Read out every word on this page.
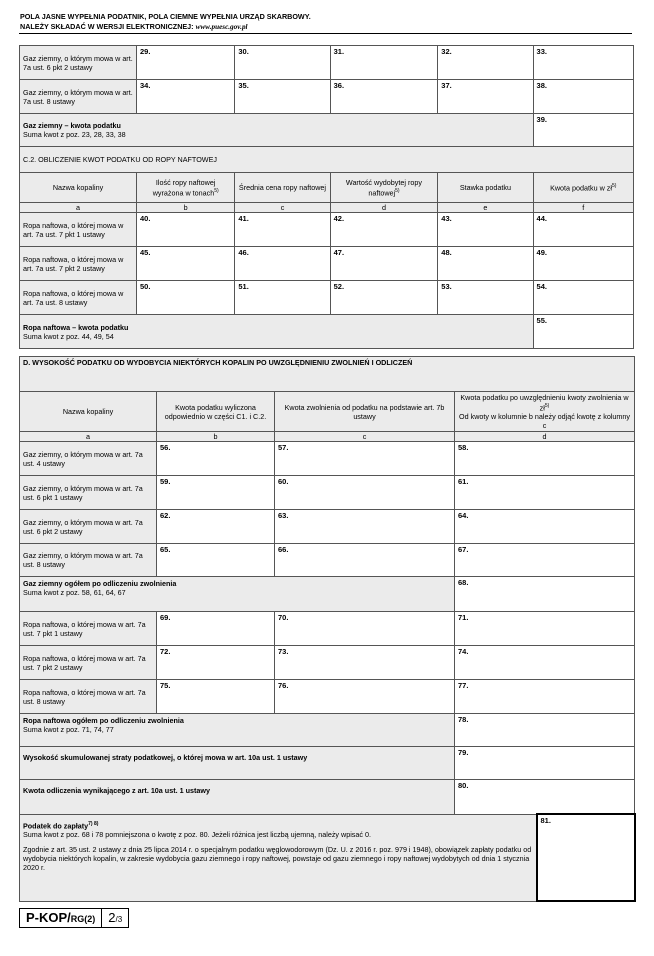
POLA JASNE WYPEŁNIA PODATNIK, POLA CIEMNE WYPEŁNIA URZĄD SKARBOWY.
NALEŻY SKŁADAĆ W WERSJI ELEKTRONICZNEJ: www.puesc.gov.pl
Gaz ziemny, o którym mowa w art. 7a ust. 6 pkt 2 ustawy	29.	30.	31.	32.	33.

Gaz ziemny, o którym mowa w art. 7a ust. 8 ustawy	34.	35.	36.	37.	38.

Gaz ziemny – kwota podatku
Suma kwot z poz. 23, 28, 33, 38					39.

C.2. OBLICZENIE KWOT PODATKU OD ROPY NAFTOWEJ					
Nazwa kopaliny	Ilość ropy naftowej wyrażona w tonach$^{5)}$	Średnia cena ropy naftowej	Wartość wydobytej ropy naftowej$^{5)}$	Stawka podatku	Kwota podatku w $zł^{5)}$
a	b	c	d	e	f
Ropa naftowa, o której mowa w art. 7a ust. 7 pkt 1 ustawy	40.	41.	42.	43.	44.

Ropa naftowa, o której mowa w art. 7a ust. 7 pkt 2 ustawy	45.	46.	47.	48.	49.

Ropa naftowa, o której mowa w art. 7a ust. 8 ustawy	50.	51.	52.	53.	54.

Ropa naftowa – kwota podatku
Suma kwot z poz. 44, 49, 54					55.
D. WYSOKOŚĆ PODATKU OD WYDOBYCIA NIEKTÓRYCH KOPALIN PO UWZGLĘDNIENIU ZWOLNIEŃ I ODLICZEŃ			
Nazwa kopaliny	Kwota podatku wyliczona odpowiednio w części C1. i C.2.	Kwota zwolnienia od podatku na podstawie art. 7b ustawy	Kwota podatku po uwzględnieniu kwoty zwolnienia w $zł^{5)}$
Od kwoty w kolumnie b należy odjąć kwotę z kolumny c

a	b	c	d
Gaz ziemny, o którym mowa w art. 7a ust. 4 ustawy	56.	57.	58.

Gaz ziemny, o którym mowa w art. 7a ust. 6 pkt 1 ustawy	59.	60.	61.

Gaz ziemny, o którym mowa w art. 7a ust. 6 pkt 2 ustawy	62.	63.	64.

Gaz ziemny, o którym mowa w art. 7a ust. 8 ustawy	65.	66.	67.

Gaz ziemny ogółem po odliczeniu zwolnienia
Suma kwot z poz. 58, 61, 64, 67			68.

Ropa naftowa, o której mowa w art. 7a ust. 7 pkt 1 ustawy	69.	70.	71.

Ropa naftowa, o której mowa w art. 7a ust. 7 pkt 2 ustawy	72.	73.	74.

Ropa naftowa, o której mowa w art. 7a ust. 8 ustawy	75.	76.	77.

Ropa naftowa ogółem po odliczeniu zwolnienia
Suma kwot z poz. 71, 74, 77			78.

Wysokość skumulowanej straty podatkowej, o której mowa w art. 10a ust. 1 ustawy			79.

Kwota odliczenia wynikającego z art. 10a ust. 1 ustawy			80.
Podatek do zapłaty$^{7) 8)}$
Suma kwot z poz. 68 i 78 pomniejszona o kwotę z poz. 80. Jeżeli różnica jest liczbą ujemną, należy wpisać 0.
Zgodnie z art. 35 ust. 2 ustawy z dnia 25 lipca 2014 r. o specjalnym podatku węglowodorowym (Dz. U. z 2016 r. poz. 979 i 1948), obowiązek zapłaty podatku od wydobycia niektórych kopalin, w zakresie wydobycia gazu ziemnego i ropy naftowej, powstaje od gazu ziemnego i ropy naftowej wydobytych od dnia 1 stycznia 2020 r.

81.
P-KOP/RG(2)	2/3
